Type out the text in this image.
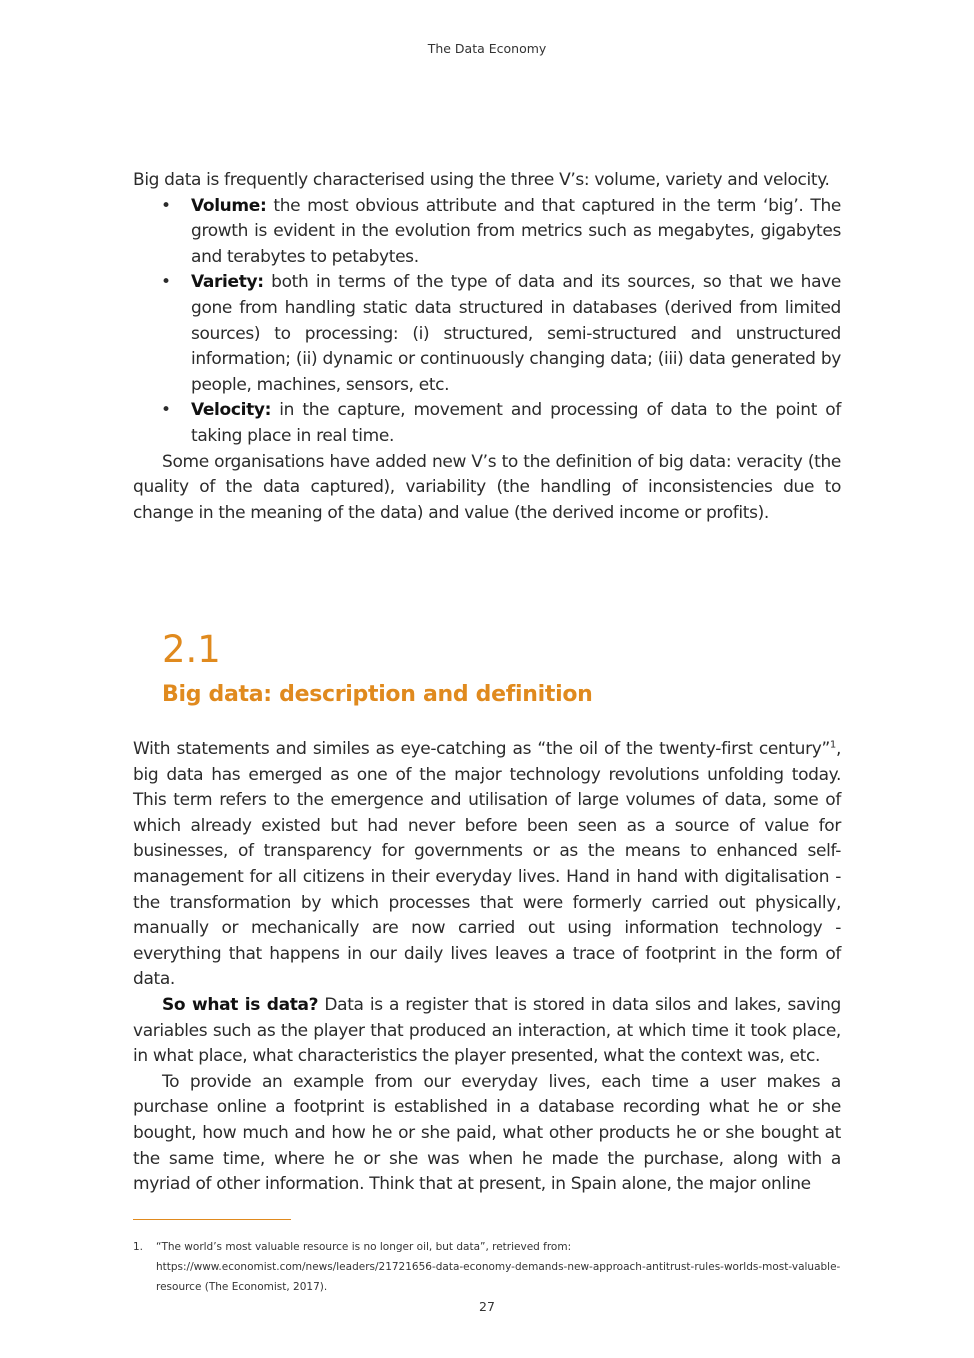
The Data Economy

Big data is frequently characterised using the three V’s: volume, variety and velocity.

• Volume: the most obvious attribute and that captured in the term ‘big’. The growth is evident in the evolution from metrics such as megabytes, gigabytes and terabytes to petabytes.
• Variety: both in terms of the type of data and its sources, so that we have gone from handling static data structured in databases (derived from limited sources) to processing: (i) structured, semi-structured and unstructured information; (ii) dynamic or continuously changing data; (iii) data generated by people, machines, sensors, etc.
• Velocity: in the capture, movement and processing of data to the point of taking place in real time.

Some organisations have added new V’s to the definition of big data: veracity (the quality of the data captured), variability (the handling of inconsistencies due to change in the meaning of the data) and value (the derived income or profits).

2.1
Big data: description and definition

With statements and similes as eye-catching as “the oil of the twenty-first century”$^1$, big data has emerged as one of the major technology revolutions unfolding today. This term refers to the emergence and utilisation of large volumes of data, some of which already existed but had never before been seen as a source of value for businesses, of transparency for governments or as the means to enhanced self-management for all citizens in their everyday lives. Hand in hand with digitalisation - the transformation by which processes that were formerly carried out physically, manually or mechanically are now carried out using information technology - everything that happens in our daily lives leaves a trace of footprint in the form of data.

So what is data? Data is a register that is stored in data silos and lakes, saving variables such as the player that produced an interaction, at which time it took place, in what place, what characteristics the player presented, what the context was, etc.

To provide an example from our everyday lives, each time a user makes a purchase online a footprint is established in a database recording what he or she bought, how much and how he or she paid, what other products he or she bought at the same time, where he or she was when he made the purchase, along with a myriad of other information. Think that at present, in Spain alone, the major online

1. “The world’s most valuable resource is no longer oil, but data”, retrieved from: https://www.economist.com/news/leaders/21721656-data-economy-demands-new-approach-antitrust-rules-worlds-most-valuable-resource (The Economist, 2017).
27
